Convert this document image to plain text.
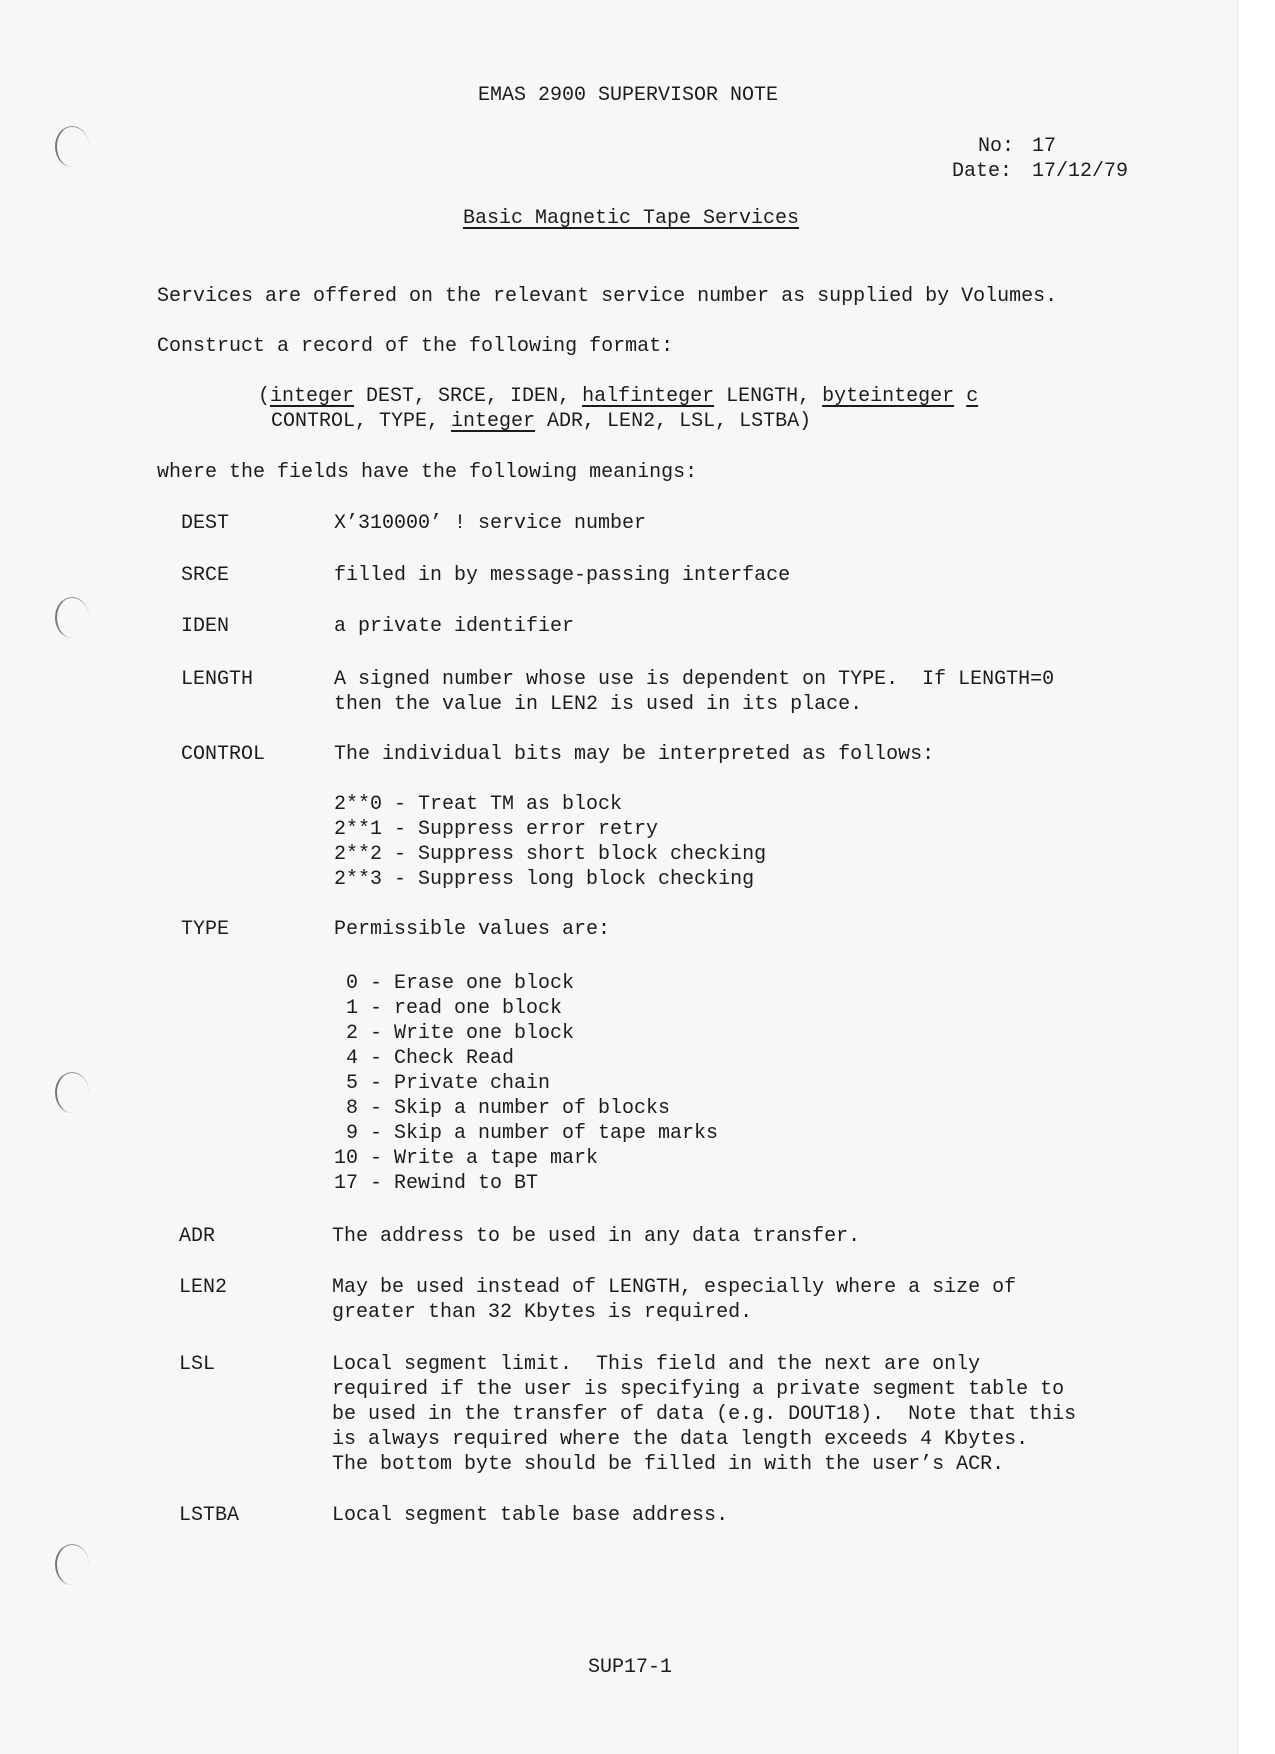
EMAS 2900 SUPERVISOR NOTE
No: 17
Date: 17/12/79
Basic Magnetic Tape Services
Services are offered on the relevant service number as supplied by Volumes.
Construct a record of the following format:
(integer DEST, SRCE, IDEN, halfinteger LENGTH, byteinteger c
CONTROL, TYPE, integer ADR, LEN2, LSL, LSTBA)
where the fields have the following meanings:
DEST	X’310000’ ! service number
SRCE	filled in by message-passing interface
IDEN	a private identifier
LENGTH	A signed number whose use is dependent on TYPE.  If LENGTH=0
then the value in LEN2 is used in its place.
CONTROL	The individual bits may be interpreted as follows:
2**0 - Treat TM as block
2**1 - Suppress error retry
2**2 - Suppress short block checking
2**3 - Suppress long block checking
TYPE	Permissible values are:
0 - Erase one block
1 - read one block
2 - Write one block
4 - Check Read
5 - Private chain
8 - Skip a number of blocks
9 - Skip a number of tape marks
10 - Write a tape mark
17 - Rewind to BT
ADR	The address to be used in any data transfer.
LEN2	May be used instead of LENGTH, especially where a size of
greater than 32 Kbytes is required.
LSL	Local segment limit.  This field and the next are only
required if the user is specifying a private segment table to
be used in the transfer of data (e.g. DOUT18).  Note that this
is always required where the data length exceeds 4 Kbytes.
The bottom byte should be filled in with the user’s ACR.
LSTBA	Local segment table base address.
SUP17-1
